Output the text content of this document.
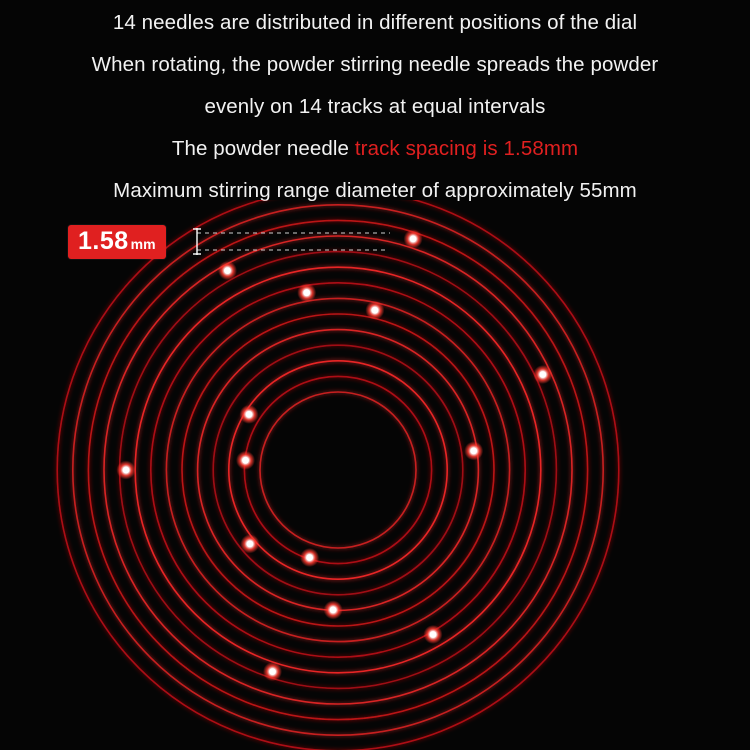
14 needles are distributed in different positions of the dial
When rotating, the powder stirring needle spreads the powder
evenly on 14 tracks at equal intervals
The powder needle track spacing is 1.58mm
Maximum stirring range diameter of approximately 55mm
1.58 mm
